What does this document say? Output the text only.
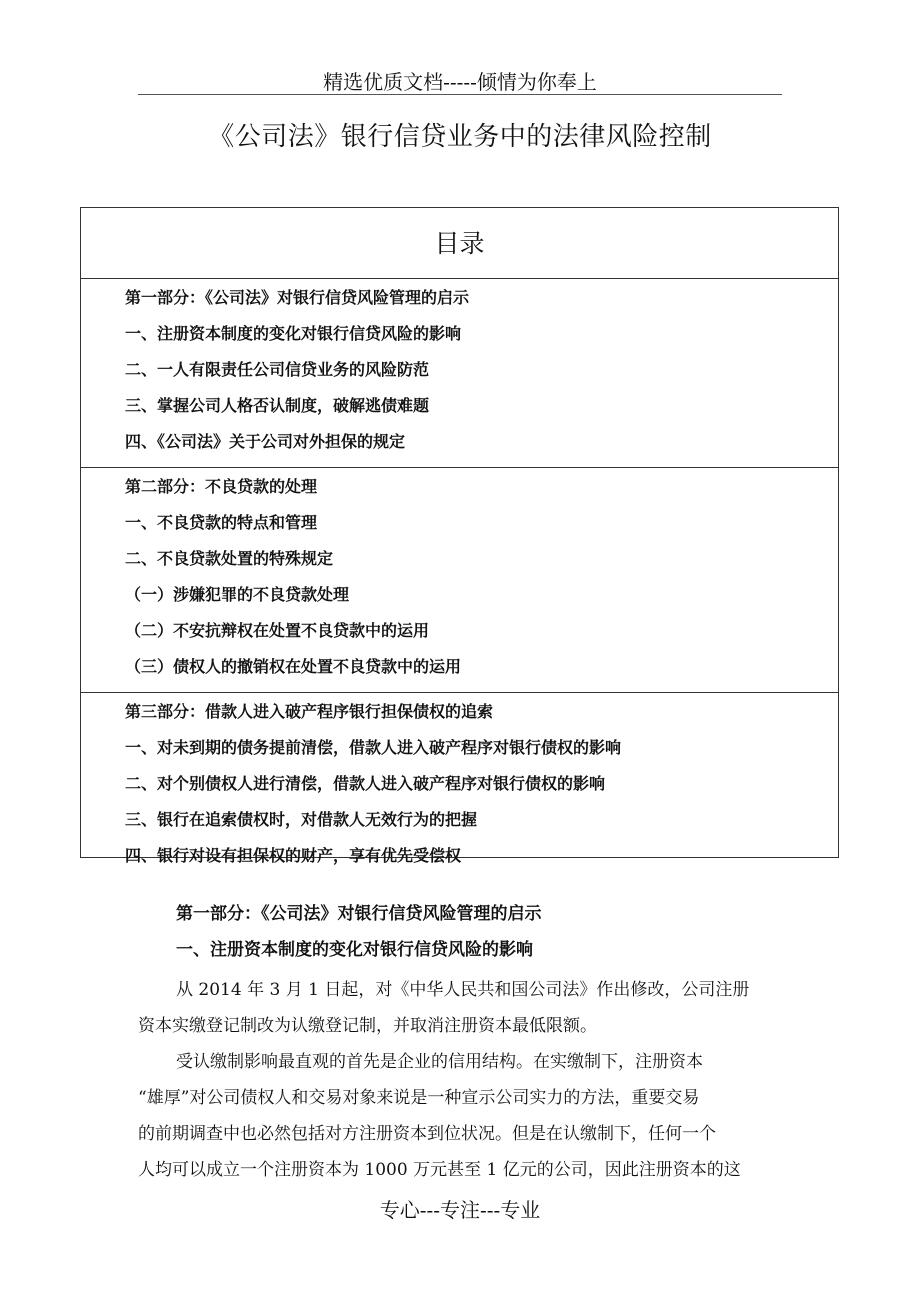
精选优质文档-----倾情为你奉上
《公司法》银行信贷业务中的法律风险控制
目录
第一部分：《公司法》对银行信贷风险管理的启示
一、注册资本制度的变化对银行信贷风险的影响
二、一人有限责任公司信贷业务的风险防范
三、掌握公司人格否认制度，破解逃债难题
四、《公司法》关于公司对外担保的规定
第二部分：不良贷款的处理
一、不良贷款的特点和管理
二、不良贷款处置的特殊规定
（一）涉嫌犯罪的不良贷款处理
（二）不安抗辩权在处置不良贷款中的运用
（三）债权人的撤销权在处置不良贷款中的运用
第三部分：借款人进入破产程序银行担保债权的追索
一、对未到期的债务提前清偿，借款人进入破产程序对银行债权的影响
二、对个别债权人进行清偿，借款人进入破产程序对银行债权的影响
三、银行在追索债权时，对借款人无效行为的把握
四、银行对设有担保权的财产，享有优先受偿权
第一部分：《公司法》对银行信贷风险管理的启示
一、注册资本制度的变化对银行信贷风险的影响
从 2014 年 3 月 1 日起，对《中华人民共和国公司法》作出修改，公司注册
资本实缴登记制改为认缴登记制，并取消注册资本最低限额。
受认缴制影响最直观的首先是企业的信用结构。在实缴制下，注册资本
“雄厚”对公司债权人和交易对象来说是一种宣示公司实力的方法，重要交易
的前期调查中也必然包括对方注册资本到位状况。但是在认缴制下，任何一个
人均可以成立一个注册资本为 1000 万元甚至 1 亿元的公司，因此注册资本的这
专心---专注---专业
